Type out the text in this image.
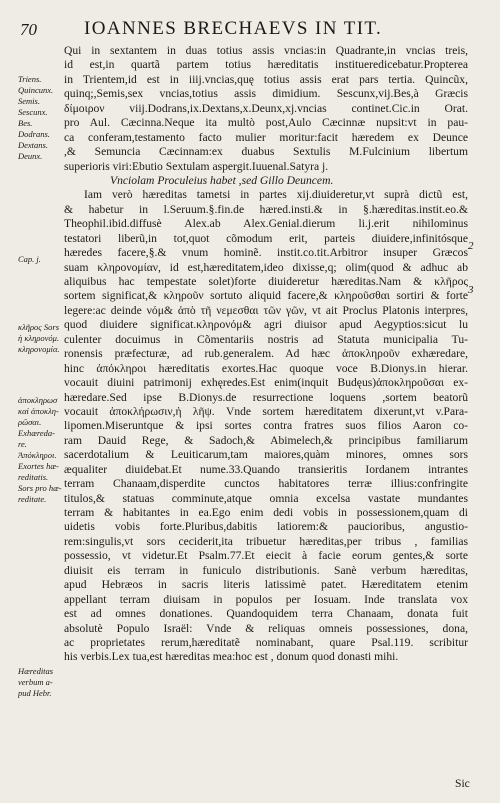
70 IOANNES BRECHAEVS IN TIT.
Triens.
Quincunx.
Semis.
Sescunx.
Bes.
Dodrans.
Dextans.
Deunx.
Cap. j.
κλῆρος Sors
ἡ κληρονόμ.
κληρονομία.
ἀποκληρωσ
καὶ ἀποκλη-
ρῶσαι.
Exhæreda-
re.
Ἀπόκληροι.
Exortes hæ-
reditatis.
Sors pro hæ-
reditate.
Hæreditas
verbum a-
pud Hebr.
2
3
Qui in sextantem in duas totius assis vncias:in Quadrante,in vncias treis,
id est,in quartã partem totius hæreditatis institueredicebatur.Propterea
in Trientem,id est in iiij.vncias,quę totius assis erat pars tertia. Quincũx,
quinq;,Semis,sex vncias,totius assis dimidium. Sescunx,vij.Bes,à Græcis
δίμοιρον viij.Dodrans,ix.Dextans,x.Deunx,xj.vncias continet.Cic.in Orat.
pro Aul. Cæcinna.Neque ita multò post,Aulo Cæcinnæ nupsit:vt in pau-
ca conferam,testamento facto mulier moritur:facit hæredem ex Deunce
,& Semuncia Cæcinnam:ex duabus Sextulis M.Fulcinium libertum
superioris viri:Ebutio Sextulam aspergit.Iuuenal.Satyra j.
Vnciolam Proculeius habet ,sed Gillo Deuncem.
Iam verò hæreditas tametsi in partes xij.diuideretur,vt suprà dictũ est,
& habetur in l.Seruum.§.fin.de hæred.insti.& in §.hæreditas.instit.eo.&
Theophil.ibid.diffusè Alex.ab Alex.Genial.dierum li.j.erit nihilominus
testatori liberũ,in tot,quot cõmodum erit, parteis diuidere,infinitósque
hæredes facere,§.& vnum hominẽ. instit.co.tit.Arbitror insuper Græcos
suam κληρονομίαν, id est,hæreditatem,ideo dixisse,q; olim(quod & adhuc ab
aliquibus hac tempestate solet)forte diuideretur hæreditas.Nam & κλῆρος
sortem significat,& κληροῦν sortuto aliquid facere,& κληροῦσθαι sortiri & forte
legere:ac deinde νόμ& ἀπὸ τῆ νεμεσθαι τῶν γῶν, vt ait Proclus Platonis interpres,
quod diuidere significat.κληρονόμ& agri diuisor apud Aegyptios:sicut lu
culenter docuimus in Cõmentariis nostris ad Statuta municipalia Tu-
ronensis præfecturæ, ad rub.generalem. Ad hæc ἀποκληροῦν exhæredare,
hinc ἀπόκληροι hæreditatis exortes.Hac quoque voce B.Dionys.in hierar.
vocauit diuini patrimonij exhęredes.Est enim(inquit Budęus)ἀποκληροῦσαι ex-
hæredare.Sed ipse B.Dionys.de resurrectione loquens ,sortem beatorũ
vocauit ἀποκλήρωσιν,ἡ λῆψ. Vnde sortem hæreditatem dixerunt,vt v.Para-
lipomen.Miseruntque & ipsi sortes contra fratres suos filios Aaron co-
ram Dauid Rege, & Sadoch,& Abimelech,& principibus familiarum
sacerdotalium & Leuiticarum,tam maiores,quàm minores, omnes sors
æqualiter diuidebat.Et nume.33.Quando transieritis Iordanem intrantes
terram Chanaam,disperdite cunctos habitatores terræ illius:confringite
titulos,& statuas comminute,atque omnia excelsa vastate mundantes
terram & habitantes in ea.Ego enim dedi vobis in possessionem,quam di
uidetis vobis forte.Pluribus,dabitis latiorem:& paucioribus, angustio-
rem:singulis,vt sors ceciderit,ita tribuetur hæreditas,per tribus , familias
possessio, vt videtur.Et Psalm.77.Et eiecit à facie eorum gentes,& sorte
diuisit eis terram in funiculo distributionis. Sanè verbum hæreditas,
apud Hebræos in sacris literis latissimè patet. Hæreditatem etenim
appellant terram diuisam in populos per Iosuam. Inde translata vox
est ad omnes donationes. Quandoquidem terra Chanaam, donata fuit
absolutè Populo Israël: Vnde & reliquas omneis possessiones, dona,
ac proprietates rerum,hæreditatẽ nominabant, quare Psal.119. scribitur
his verbis.Lex tua,est hæreditas mea:hoc est , donum quod donasti mihi.
Sic
